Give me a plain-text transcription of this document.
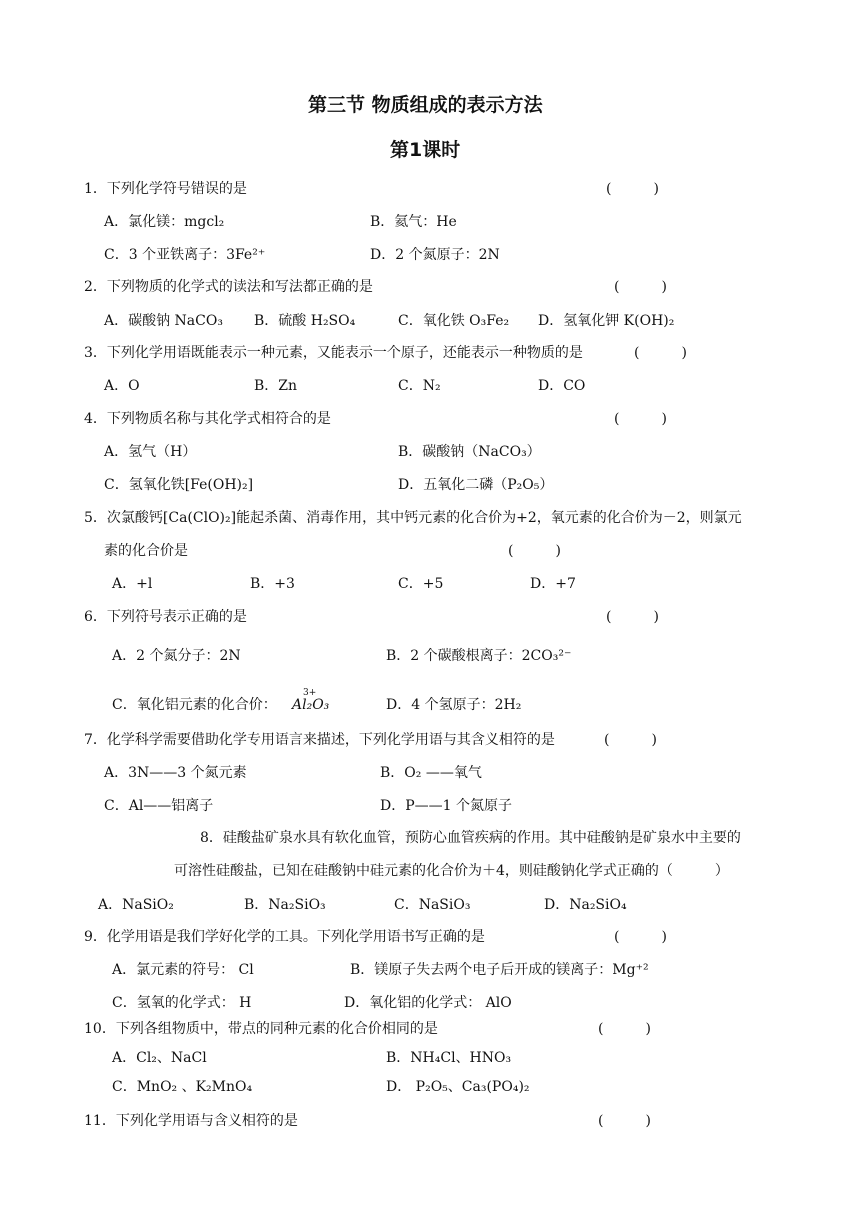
第三节 物质组成的表示方法
第1课时
1．下列化学符号错误的是	(　　　)
A．氯化镁：mgcl₂	B．氦气：He
C．3 个亚铁离子：3Fe²⁺	D．2 个氮原子：2N
2．下列物质的化学式的读法和写法都正确的是	(　　　)
A．碳酸钠 NaCO₃ B．硫酸 H₂SO₄	C．氧化铁 O₃Fe₂ D．氢氧化钾 K(OH)₂
3．下列化学用语既能表示一种元素，又能表示一个原子，还能表示一种物质的是	(　　　)
A．O	B．Zn	C．N₂	D．CO
4．下列物质名称与其化学式相符合的是	(　　　)
A．氢气（H）	B．碳酸钠（NaCO₃）
C．氢氧化铁[Fe(OH)₂]	D．五氧化二磷（P₂O₅）
5．次氯酸钙[Ca(ClO)₂]能起杀菌、消毒作用，其中钙元素的化合价为+2，氧元素的化合价为－2，则氯元
素的化合价是	(　　　)
A．+l	B．+3	C．+5	D．+7
6．下列符号表示正确的是	(　　　)
A．2 个氮分子：2N	B．2 个碳酸根离子：2CO₃²⁻
C．氧化铝元素的化合价：
3+
Al₂O₃	D．4 个氢原子：2H₂
7．化学科学需要借助化学专用语言来描述，下列化学用语与其含义相符的是	(　　　)
A．3N——3 个氮元素	B．O₂ ——氧气
C．Al——铝离子	D．P——1 个氮原子
8．硅酸盐矿泉水具有软化血管，预防心血管疾病的作用。其中硅酸钠是矿泉水中主要的
可溶性硅酸盐，已知在硅酸钠中硅元素的化合价为＋4，则硅酸钠化学式正确的（　　　）
A．NaSiO₂	B．Na₂SiO₃	C．NaSiO₃	D．Na₂SiO₄
9．化学用语是我们学好化学的工具。下列化学用语书写正确的是	(　　　)
A．氯元素的符号： Cl	B．镁原子失去两个电子后开成的镁离子：Mg⁺²
C．氢氧的化学式： H	D．氧化铝的化学式： AlO
10．下列各组物质中，带点的同种元素的化合价相同的是	(　　　)
A．Cl₂、NaCl	B．NH₄Cl、HNO₃
C．MnO₂ 、K₂MnO₄	D． P₂O₅、Ca₃(PO₄)₂
11．下列化学用语与含义相符的是	(　　　)
